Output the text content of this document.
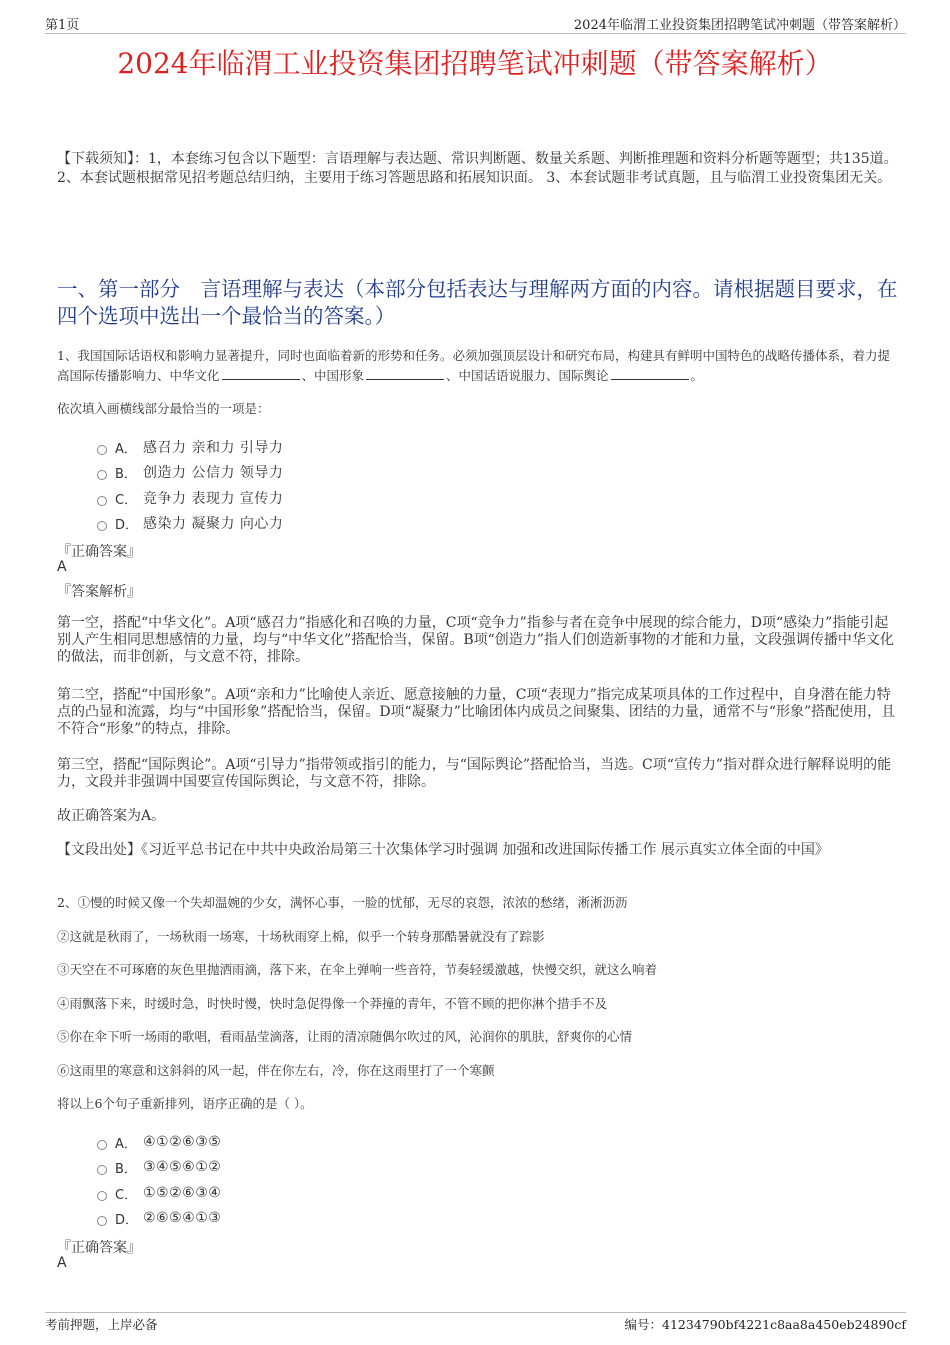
第1页	2024年临渭工业投资集团招聘笔试冲刺题（带答案解析）
2024年临渭工业投资集团招聘笔试冲刺题（带答案解析）
【下载须知】：1，本套练习包含以下题型：言语理解与表达题、常识判断题、数量关系题、判断推理题和资料分析题等题型；共135道。 2、本套试题根据常见招考题总结归纳，主要用于练习答题思路和拓展知识面。 3、本套试题非考试真题，且与临渭工业投资集团无关。
一、第一部分　言语理解与表达（本部分包括表达与理解两方面的内容。请根据题目要求，在四个选项中选出一个最恰当的答案。）
1、我国国际话语权和影响力显著提升，同时也面临着新的形势和任务。必须加强顶层设计和研究布局，构建具有鲜明中国特色的战略传播体系，着力提高国际传播影响力、中华文化	、中国形象	、中国话语说服力、国际舆论	。
依次填入画横线部分最恰当的一项是：
A． 感召力 亲和力 引导力
B． 创造力 公信力 领导力
C． 竞争力 表现力 宣传力
D． 感染力 凝聚力 向心力
『正确答案』
A
『答案解析』
第一空，搭配“中华文化”。A项“感召力”指感化和召唤的力量，C项“竞争力”指参与者在竞争中展现的综合能力，D项“感染力”指能引起别人产生相同思想感情的力量，均与“中华文化”搭配恰当，保留。B项“创造力”指人们创造新事物的才能和力量，文段强调传播中华文化的做法，而非创新，与文意不符，排除。
第二空，搭配“中国形象”。A项“亲和力”比喻使人亲近、愿意接触的力量，C项“表现力”指完成某项具体的工作过程中，自身潜在能力特点的凸显和流露，均与“中国形象”搭配恰当，保留。D项“凝聚力”比喻团体内成员之间聚集、团结的力量，通常不与“形象”搭配使用，且不符合“形象”的特点，排除。
第三空，搭配“国际舆论”。A项“引导力”指带领或指引的能力，与“国际舆论”搭配恰当，当选。C项“宣传力”指对群众进行解释说明的能力，文段并非强调中国要宣传国际舆论，与文意不符，排除。
故正确答案为A。
【文段出处】《习近平总书记在中共中央政治局第三十次集体学习时强调 加强和改进国际传播工作 展示真实立体全面的中国》
2、①慢的时候又像一个失却温婉的少女，满怀心事，一脸的忧郁，无尽的哀怨，浓浓的愁绪，淅淅沥沥
②这就是秋雨了，一场秋雨一场寒，十场秋雨穿上棉，似乎一个转身那酷暑就没有了踪影
③天空在不可琢磨的灰色里抛洒雨滴，落下来，在伞上弹响一些音符，节奏轻缓激越，快慢交织，就这么响着
④雨飘落下来，时缓时急，时快时慢，快时急促得像一个莽撞的青年，不管不顾的把你淋个措手不及
⑤你在伞下听一场雨的歌唱，看雨晶莹滴落，让雨的清凉随偶尔吹过的风，沁润你的肌肤，舒爽你的心情
⑥这雨里的寒意和这斜斜的风一起，伴在你左右，冷，你在这雨里打了一个寒颤
将以上6个句子重新排列，语序正确的是（ ）。
A． ④①②⑥③⑤
B． ③④⑤⑥①②
C． ①⑤②⑥③④
D． ②⑥⑤④①③
『正确答案』
A
考前押题，上岸必备	编号：41234790bf4221c8aa8a450eb24890cf
